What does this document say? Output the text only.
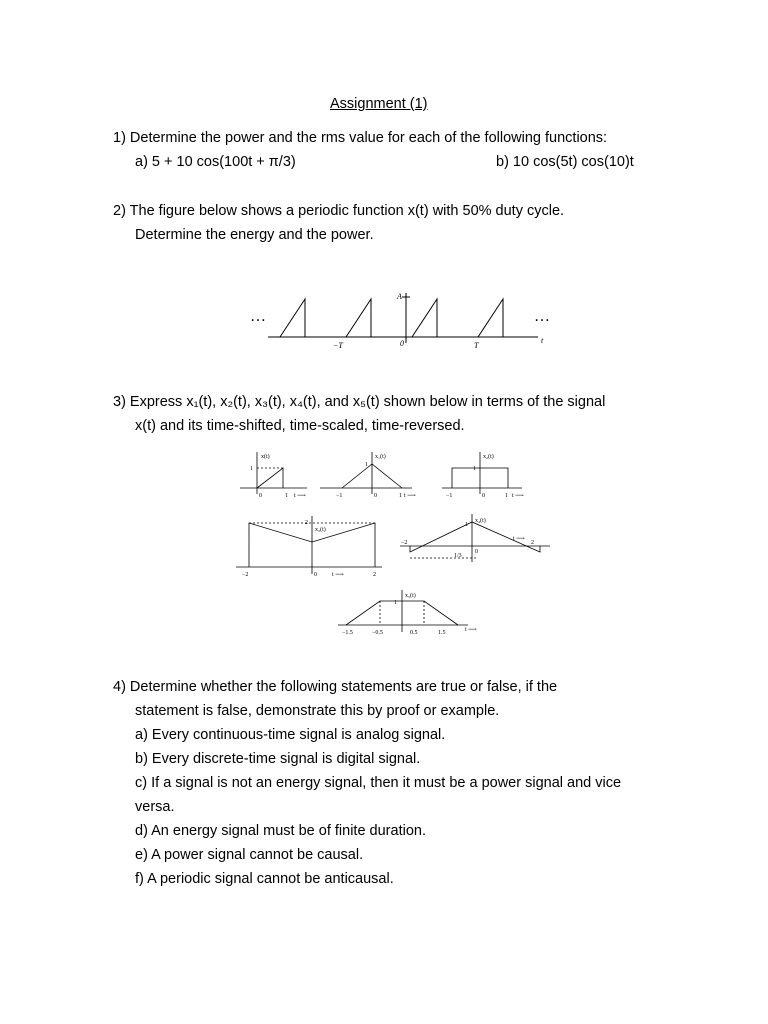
Assignment (1)
1) Determine the power and the rms value for each of the following functions:
a) 5 + 10 cos(100t + π/3)	b) 10 cos(5t) cos(10)t
2) The figure below shows a periodic function x(t) with 50% duty cycle.
Determine the energy and the power.
…	…
A
−T	0	T
t
3) Express x₁(t), x₂(t), x₃(t), x₄(t), and x₅(t) shown below in terms of the signal
x(t) and its time-shifted, time-scaled, time-reversed.
x(t)
1
0	1 t ⟶
x₁(t)
1
−1	0	1 t ⟶
x₂(t)
1
−1	0	1 t ⟶
x₃(t)
2
−2	0	t ⟶	2
x₄(t)
1
−2
0
1/3
t ⟶
2
x₅(t)
1
−1.5	−0.5	0.5	1.5	t ⟶
4) Determine whether the following statements are true or false, if the
statement is false, demonstrate this by proof or example.
a) Every continuous-time signal is analog signal.
b) Every discrete-time signal is digital signal.
c) If a signal is not an energy signal, then it must be a power signal and vice
versa.
d) An energy signal must be of finite duration.
e) A power signal cannot be causal.
f) A periodic signal cannot be anticausal.
